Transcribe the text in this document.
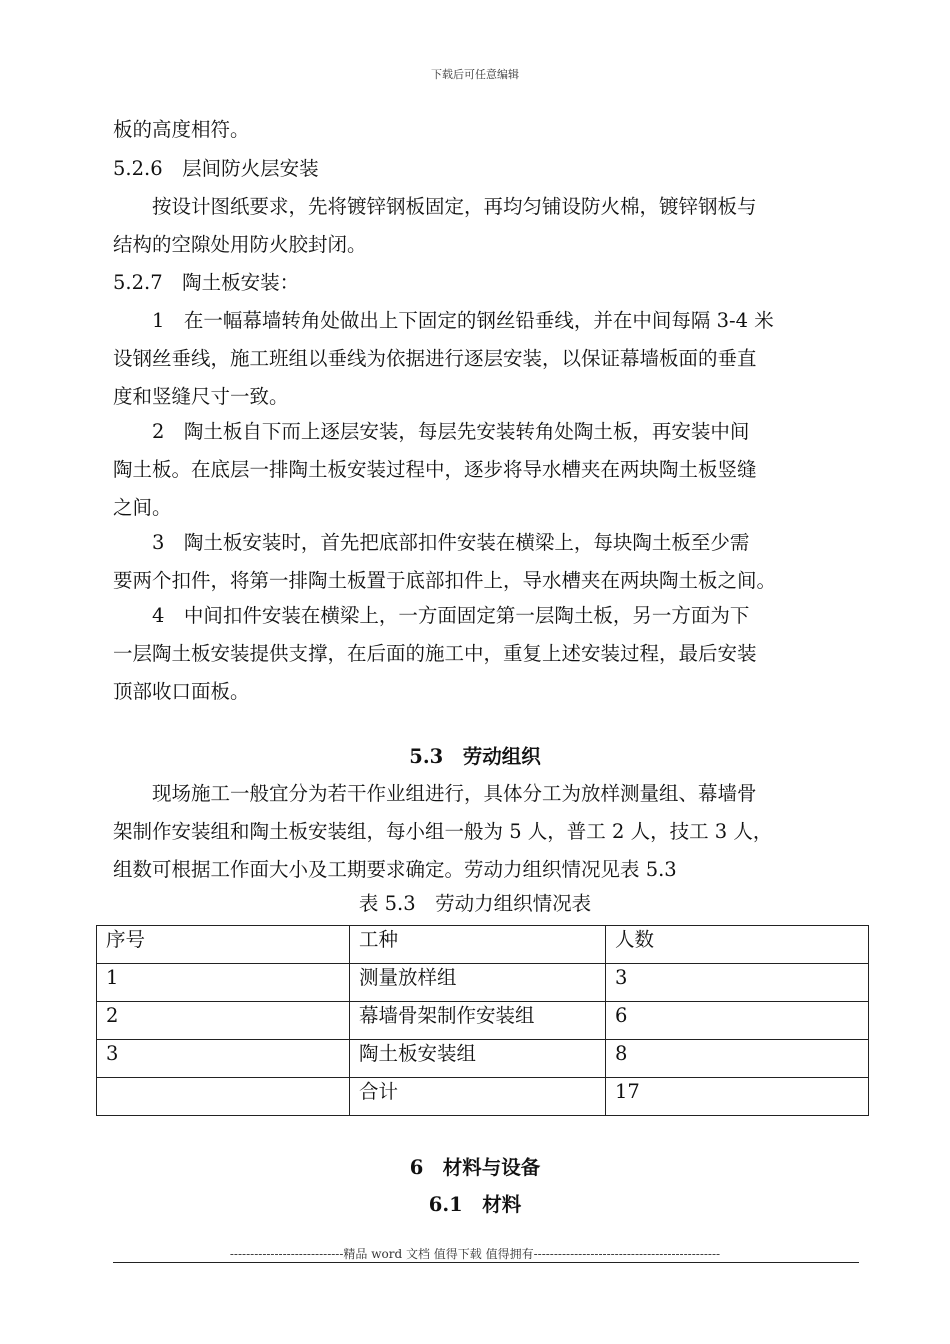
下载后可任意编辑
板的高度相符。
5.2.6　层间防火层安装
　　按设计图纸要求，先将镀锌钢板固定，再均匀铺设防火棉，镀锌钢板与
结构的空隙处用防火胶封闭。
5.2.7　陶土板安装：
　　1　在一幅幕墙转角处做出上下固定的钢丝铅垂线，并在中间每隔 3-4 米
设钢丝垂线，施工班组以垂线为依据进行逐层安装，以保证幕墙板面的垂直
度和竖缝尺寸一致。
　　2　陶土板自下而上逐层安装，每层先安装转角处陶土板，再安装中间
陶土板。在底层一排陶土板安装过程中，逐步将导水槽夹在两块陶土板竖缝
之间。
　　3　陶土板安装时，首先把底部扣件安装在横梁上，每块陶土板至少需
要两个扣件，将第一排陶土板置于底部扣件上，导水槽夹在两块陶土板之间。
　　4　中间扣件安装在横梁上，一方面固定第一层陶土板，另一方面为下
一层陶土板安装提供支撑，在后面的施工中，重复上述安装过程，最后安装
顶部收口面板。
5.3　劳动组织
　　现场施工一般宜分为若干作业组进行，具体分工为放样测量组、幕墙骨
架制作安装组和陶土板安装组，每小组一般为 5 人，普工 2 人，技工 3 人，
组数可根据工作面大小及工期要求确定。劳动力组织情况见表 5.3
表 5.3　劳动力组织情况表
序号	工种	人数
1	测量放样组	3
2	幕墙骨架制作安装组	6
3	陶土板安装组	8
	合计	17
6　材料与设备
6.1　材料
----------------------------精品 word 文档 值得下载 值得拥有----------------------------------------------
